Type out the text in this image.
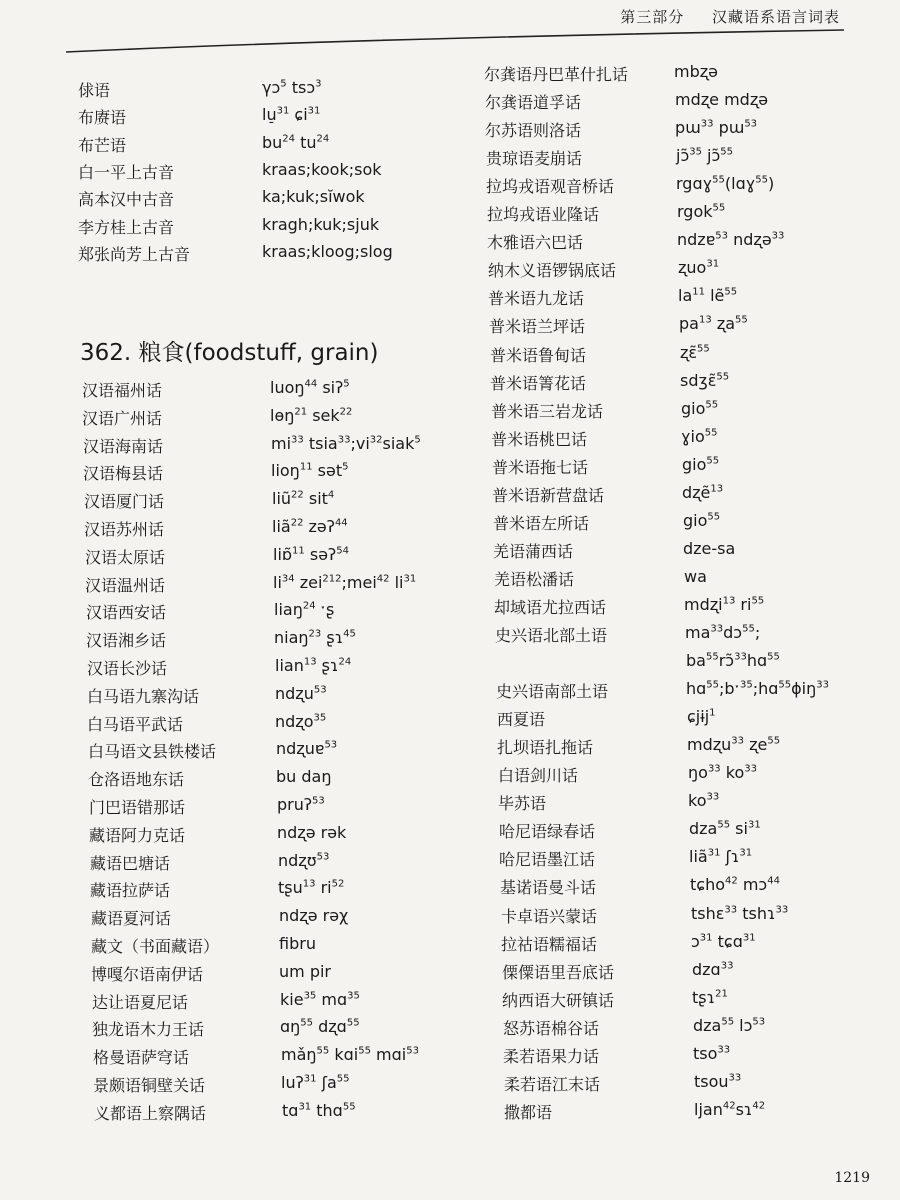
第三部分 汉藏语系语言词表
俅语	γɔ$^5$ tsɔ$^3$
布赓语	lu̠$^{31}$ ɕi$^{31}$
布芒语	$bu^{24}$ $tu^{24}$
白一平上古音	kraas;kook;sok
高本汉中古音	ka;kuk;sĭwok
李方桂上古音	kragh;kuk;sjuk
郑张尚芳上古音	kraas;kloog;slog
362. 粮食(foodstuff, grain)
汉语福州话	luoŋ$^{44}$ siʔ$^5$
汉语广州话	lɵŋ$^{21}$ sek$^{22}$
汉语海南话	$mi^{33}$ $tsia^{33};vi^{32}siak^5$
汉语梅县话	lioŋ$^{11}$ sət$^5$
汉语厦门话	liũ$^{22}$ sit$^4$
汉语苏州话	liã$^{22}$ zəʔ$^{44}$
汉语太原话	liɒ̃$^{11}$ səʔ$^{54}$
汉语温州话	$li^{34}$ zei$^{212}$;mei$^{42}$ $li^{31}$
汉语西安话	liaŋ$^{24}$ ˑʂ
汉语湘乡话	niaŋ$^{23}$ ʂɿ$^{45}$
汉语长沙话	lian$^{13}$ ʂɿ$^{24}$
白马语九寨沟话	ndʐu$^{53}$
白马语平武话	ndʐo$^{35}$
白马语文县铁楼话	ndʐuɐ$^{53}$
仓洛语地东话	bu daŋ
门巴语错那话	pruʔ$^{53}$
藏语阿力克话	ndʐə rək
藏语巴塘话	ndʐʊ$^{53}$
藏语拉萨话	tʂu$^{13}$ $ri^{52}$
藏语夏河话	ndʐə rəχ
藏文（书面藏语）	fibru
博嘎尔语南伊话	um pir
达让语夏尼话	kie$^{35}$ mɑ$^{35}$
独龙语木力王话	ɑŋ$^{55}$ dʐɑ$^{55}$
格曼语萨穹话	mǎŋ$^{55}$ kɑi$^{55}$ mɑi$^{53}$
景颇语铜壁关话	luʔ$^{31}$ ʃa$^{55}$
义都语上察隅话	tɑ$^{31}$ thɑ$^{55}$
尔龚语丹巴革什扎话	mbʐə
尔龚语道孚话	mdʐe mdʐə
尔苏语则洛话	pɯ$^{33}$ pɯ$^{53}$
贵琼语麦崩话	jɔ̃$^{35}$ jɔ̃$^{55}$
拉坞戎语观音桥话	rgɑɣ$^{55}$(lɑɣ$^{55}$)
拉坞戎语业隆话	rgok$^{55}$
木雅语六巴话	ndzɐ$^{53}$ ndʐə$^{33}$
纳木义语锣锅底话	ʐuo$^{31}$
普米语九龙话	$la^{11}$ lẽ$^{55}$
普米语兰坪话	$pa^{13}$ ʐa$^{55}$
普米语鲁甸话	ʐɛ̃$^{55}$
普米语箐花话	sdʒɛ̃$^{55}$
普米语三岩龙话	gio$^{55}$
普米语桃巴话	ɣio$^{55}$
普米语拖七话	gio$^{55}$
普米语新营盘话	dʐẽ$^{13}$
普米语左所话	gio$^{55}$
羌语蒲西话	dze-sa
羌语松潘话	wa
却域语尤拉西话	mdʐi$^{13}$ $ri^{55}$
史兴语北部土语	$ma^{33}dɔ^{55}$;
$ba^{55}rɔ̃^{33}hɑ^{55}$
史兴语南部土语	hɑ$^{55}$;bˑ$^{35}$;hɑ$^{55}$ɸiŋ$^{33}$
西夏语	ɕjɨj$^1$
扎坝语扎拖话	mdʐu$^{33}$ ʐe$^{55}$
白语剑川话	$ŋo^{33}$ $ko^{33}$
毕苏语	$ko^{33}$
哈尼语绿春话	dza$^{55}$ $si^{31}$
哈尼语墨江话	liã$^{31}$ ʃɿ$^{31}$
基诺语曼斗话	tɕho$^{42}$ mɔ$^{44}$
卡卓语兴蒙话	tshɛ$^{33}$ tshɿ$^{33}$
拉祜语糯福话	ɔ$^{31}$ tɕɑ$^{31}$
傈僳语里吾底话	dzɑ$^{33}$
纳西语大研镇话	tʂɿ$^{21}$
怒苏语棉谷话	dza$^{55}$ lɔ$^{53}$
柔若语果力话	tso$^{33}$
柔若语江末话	tsou$^{33}$
撒都语	ljan$^{42}$sɿ$^{42}$
1219
